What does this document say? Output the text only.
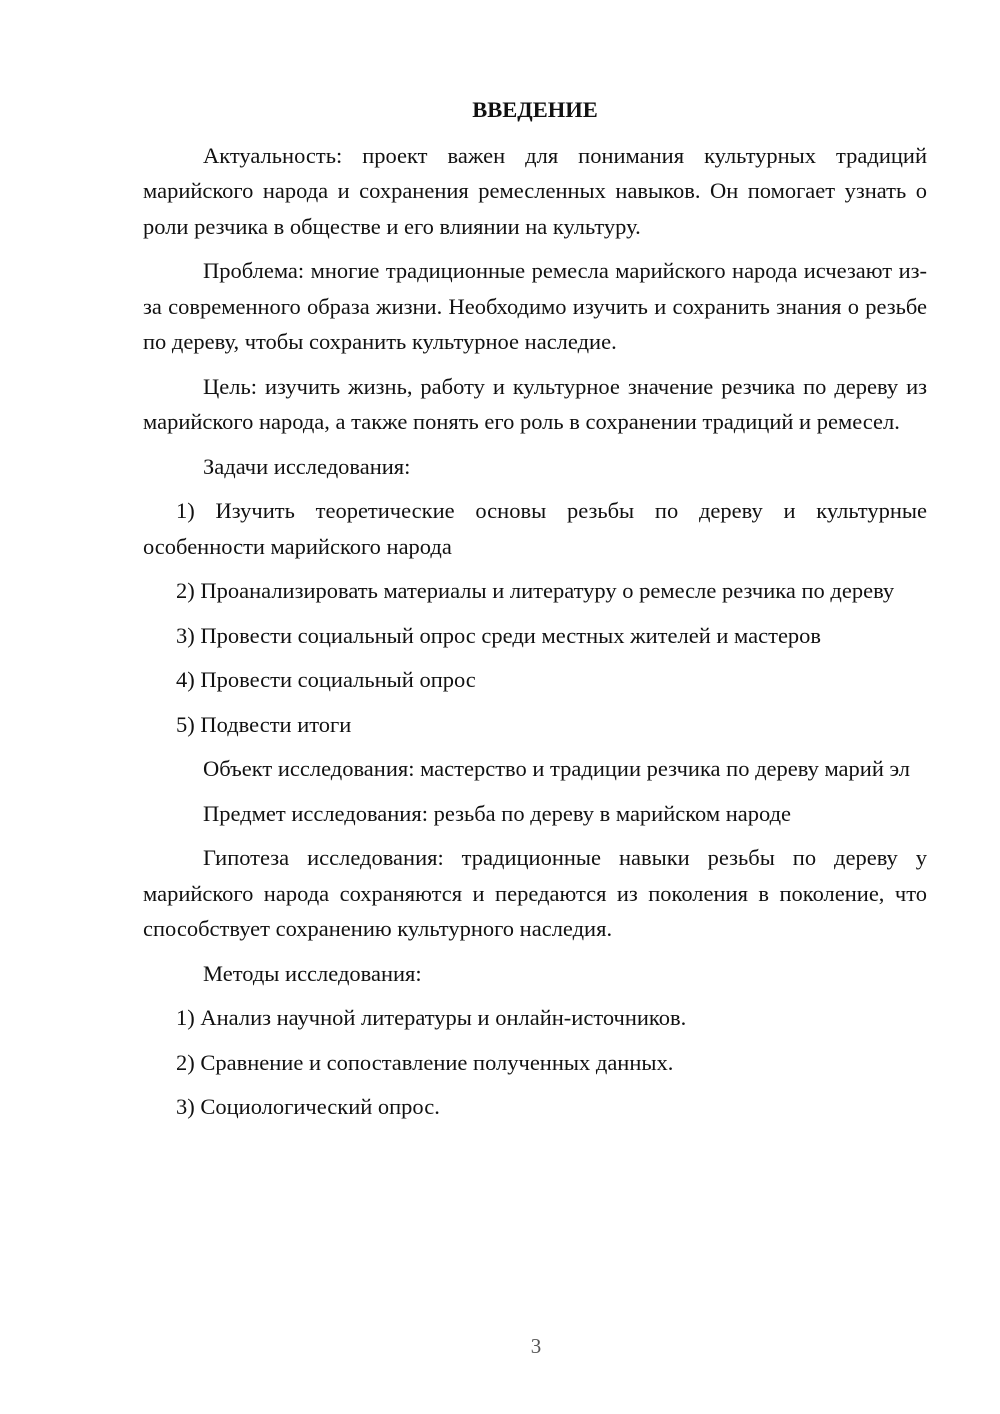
ВВЕДЕНИЕ

Актуальность: проект важен для понимания культурных традиций марийского народа и сохранения ремесленных навыков. Он помогает узнать о роли резчика в обществе и его влиянии на культуру.

Проблема: многие традиционные ремесла марийского народа исчезают из-за современного образа жизни. Необходимо изучить и сохранить знания о резьбе по дереву, чтобы сохранить культурное наследие.

Цель: изучить жизнь, работу и культурное значение резчика по дереву из марийского народа, а также понять его роль в сохранении традиций и ремесел.

Задачи исследования:

1) Изучить теоретические основы резьбы по дереву и культурные особенности марийского народа

2) Проанализировать материалы и литературу о ремесле резчика по дереву

3) Провести социальный опрос среди местных жителей и мастеров

4) Провести социальный опрос

5) Подвести итоги

Объект исследования: мастерство и традиции резчика по дереву марий эл

Предмет исследования: резьба по дереву в марийском народе

Гипотеза исследования: традиционные навыки резьбы по дереву у марийского народа сохраняются и передаются из поколения в поколение, что способствует сохранению культурного наследия.

Методы исследования:

1) Анализ научной литературы и онлайн-источников.

2) Сравнение и сопоставление полученных данных.

3) Социологический опрос.

3
